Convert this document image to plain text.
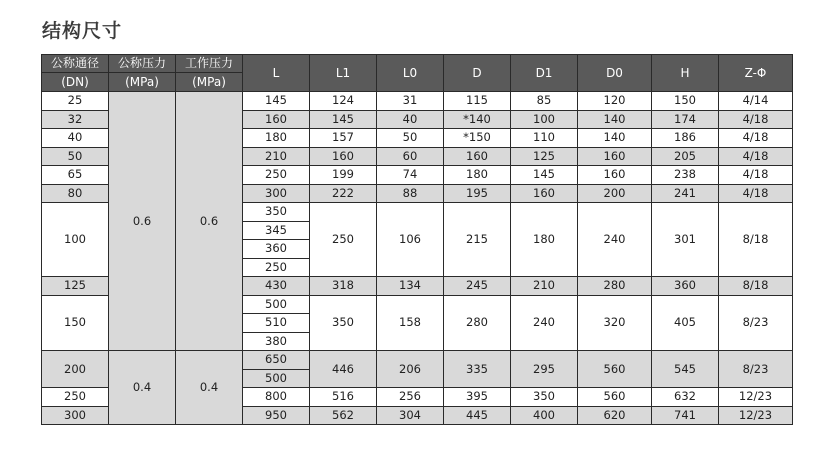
结构尺寸
公称通径	公称压力	工作压力	L	L1	L0	D	D1	D0	H	Z-Φ
(DN)	(MPa)	(MPa)								
25	0.6	0.6	145	124	31	115	85	120	150	4/14
32			160	145	40	*140	100	140	174	4/18
40			180	157	50	*150	110	140	186	4/18
50			210	160	60	160	125	160	205	4/18
65			250	199	74	180	145	160	238	4/18
80			300	222	88	195	160	200	241	4/18
100			350	250	106	215	180	240	301	8/18
			345							
			360							
			250							
125			430	318	134	245	210	280	360	8/18
150			500	350	158	280	240	320	405	8/23
			510							
			380							
200	0.4	0.4	650	446	206	335	295	560	545	8/23
			500							
250			800	516	256	395	350	560	632	12/23
300			950	562	304	445	400	620	741	12/23
